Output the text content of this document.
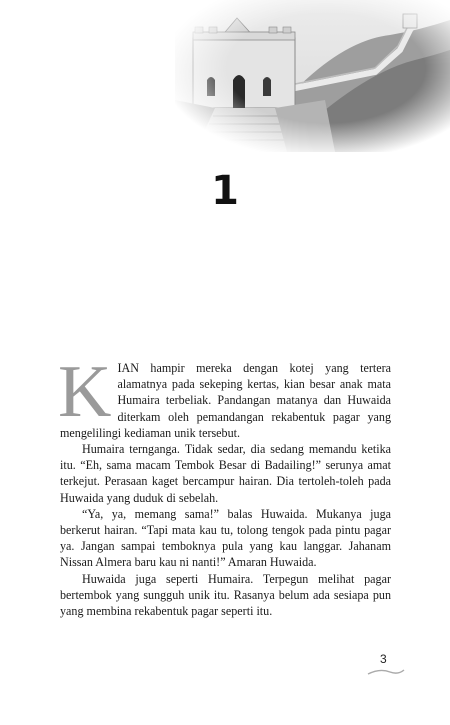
1

KIAN hampir mereka dengan kotej yang tertera alamatnya pada sekeping kertas, kian besar anak mata Humaira terbeliak. Pandangan matanya dan Huwaida diterkam oleh pemandangan rekabentuk pagar yang mengelilingi kediaman unik tersebut.

Humaira terngangа. Tidak sedar, dia sedang memandu ketika itu. “Eh, sama macam Tembok Besar di Badailing!” serunya amat terkejut. Perasaan kaget bercampur hairan. Dia tertoleh-toleh pada Huwaida yang duduk di sebelah.

“Ya, ya, memang sama!” balas Huwaida. Mukanya juga berkerut hairan. “Tapi mata kau tu, tolong tengok pada pintu pagar ya. Jangan sampai temboknya pula yang kau langgar. Jahanam Nissan Almera baru kau ni nanti!” Amaran Huwaida.

Huwaida juga seperti Humaira. Terpegun melihat pagar bertembok yang sungguh unik itu. Rasanya belum ada sesiapa pun yang membina rekabentuk pagar seperti itu.

3
